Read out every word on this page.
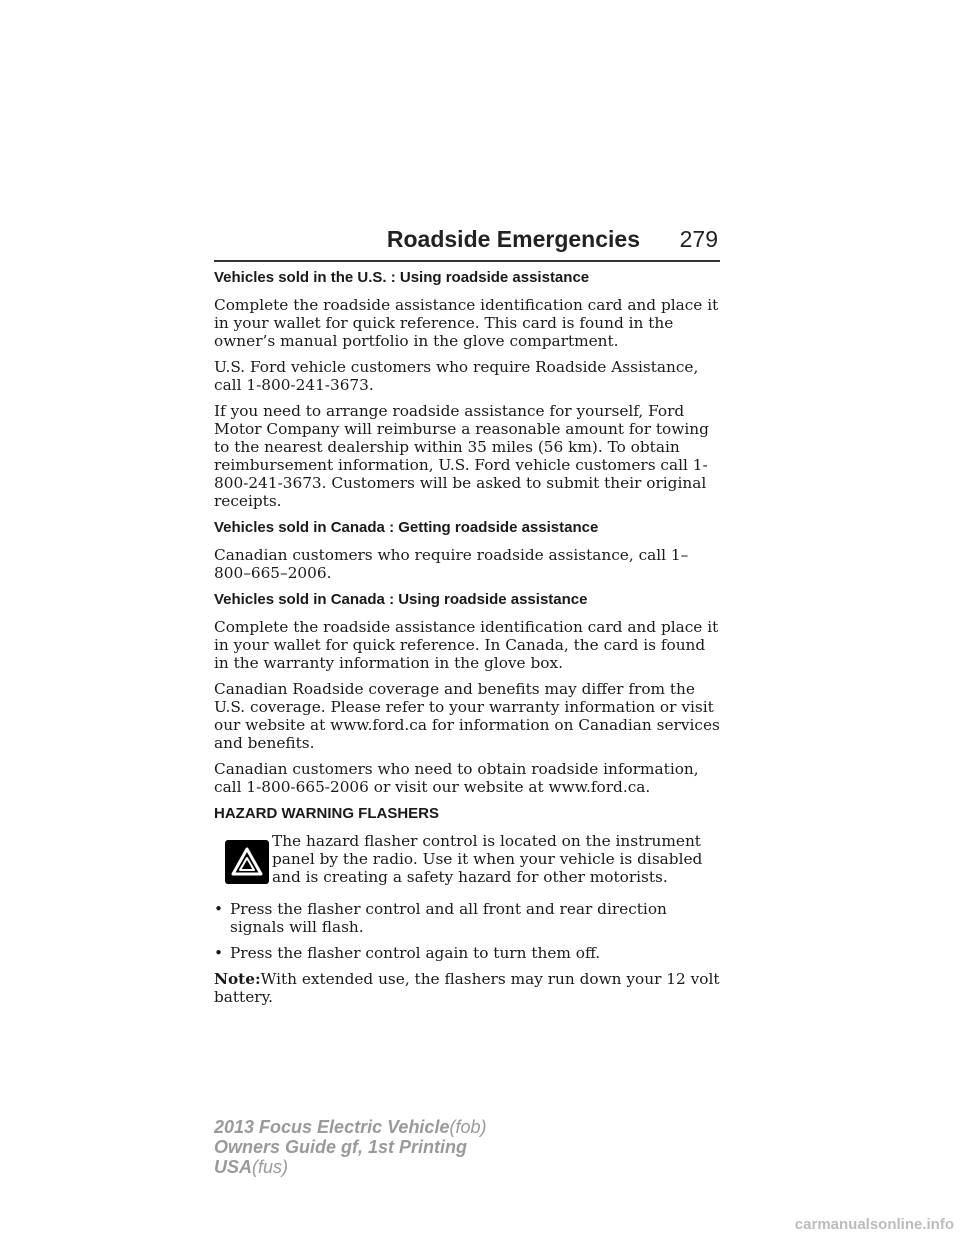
Roadside Emergencies 279
Vehicles sold in the U.S. : Using roadside assistance

Complete the roadside assistance identification card and place it in your wallet for quick reference. This card is found in the owner’s manual portfolio in the glove compartment.

U.S. Ford vehicle customers who require Roadside Assistance, call 1-800-241-3673.

If you need to arrange roadside assistance for yourself, Ford Motor Company will reimburse a reasonable amount for towing to the nearest dealership within 35 miles (56 km). To obtain reimbursement information, U.S. Ford vehicle customers call 1-800-241-3673. Customers will be asked to submit their original receipts.

Vehicles sold in Canada : Getting roadside assistance

Canadian customers who require roadside assistance, call 1–800–665–2006.

Vehicles sold in Canada : Using roadside assistance

Complete the roadside assistance identification card and place it in your wallet for quick reference. In Canada, the card is found in the warranty information in the glove box.

Canadian Roadside coverage and benefits may differ from the U.S. coverage. Please refer to your warranty information or visit our website at www.ford.ca for information on Canadian services and benefits.

Canadian customers who need to obtain roadside information, call 1-800-665-2006 or visit our website at www.ford.ca.

HAZARD WARNING FLASHERS

The hazard flasher control is located on the instrument panel by the radio. Use it when your vehicle is disabled and is creating a safety hazard for other motorists.

• Press the flasher control and all front and rear direction signals will flash.

• Press the flasher control again to turn them off.

Note:With extended use, the flashers may run down your 12 volt battery.

2013 Focus Electric Vehicle(fob)
Owners Guide gf, 1st Printing
USA(fus)
carmanualsonline.info
